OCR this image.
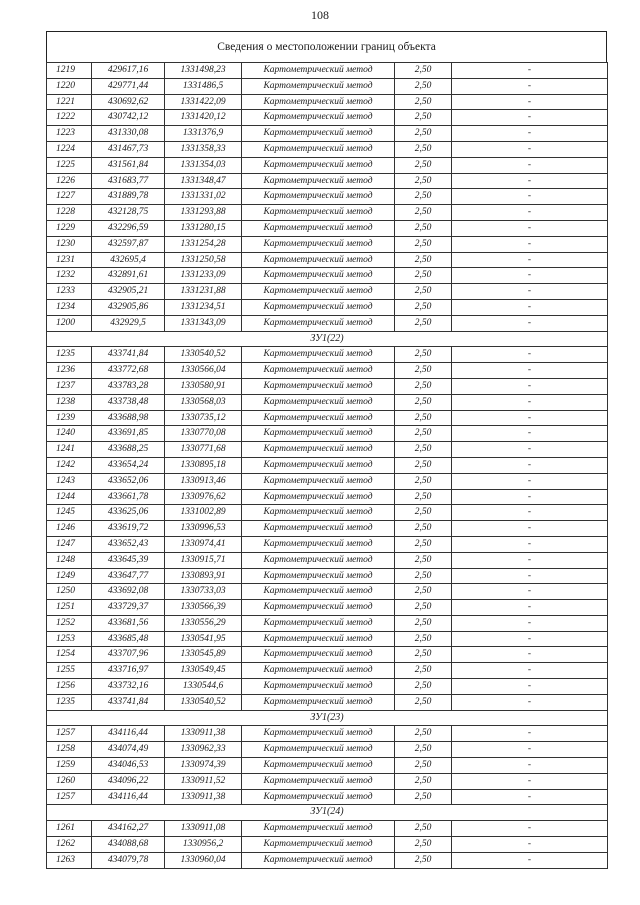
108
Сведения о местоположении границ объекта
1219	429617,16	1331498,23	Картометрический метод	2,50	-
1220	429771,44	1331486,5	Картометрический метод	2,50	-
1221	430692,62	1331422,09	Картометрический метод	2,50	-
1222	430742,12	1331420,12	Картометрический метод	2,50	-
1223	431330,08	1331376,9	Картометрический метод	2,50	-
1224	431467,73	1331358,33	Картометрический метод	2,50	-
1225	431561,84	1331354,03	Картометрический метод	2,50	-
1226	431683,77	1331348,47	Картометрический метод	2,50	-
1227	431889,78	1331331,02	Картометрический метод	2,50	-
1228	432128,75	1331293,88	Картометрический метод	2,50	-
1229	432296,59	1331280,15	Картометрический метод	2,50	-
1230	432597,87	1331254,28	Картометрический метод	2,50	-
1231	432695,4	1331250,58	Картометрический метод	2,50	-
1232	432891,61	1331233,09	Картометрический метод	2,50	-
1233	432905,21	1331231,88	Картометрический метод	2,50	-
1234	432905,86	1331234,51	Картометрический метод	2,50	-
1200	432929,5	1331343,09	Картометрический метод	2,50	-
ЗУ1(22)					
1235	433741,84	1330540,52	Картометрический метод	2,50	-
1236	433772,68	1330566,04	Картометрический метод	2,50	-
1237	433783,28	1330580,91	Картометрический метод	2,50	-
1238	433738,48	1330568,03	Картометрический метод	2,50	-
1239	433688,98	1330735,12	Картометрический метод	2,50	-
1240	433691,85	1330770,08	Картометрический метод	2,50	-
1241	433688,25	1330771,68	Картометрический метод	2,50	-
1242	433654,24	1330895,18	Картометрический метод	2,50	-
1243	433652,06	1330913,46	Картометрический метод	2,50	-
1244	433661,78	1330976,62	Картометрический метод	2,50	-
1245	433625,06	1331002,89	Картометрический метод	2,50	-
1246	433619,72	1330996,53	Картометрический метод	2,50	-
1247	433652,43	1330974,41	Картометрический метод	2,50	-
1248	433645,39	1330915,71	Картометрический метод	2,50	-
1249	433647,77	1330893,91	Картометрический метод	2,50	-
1250	433692,08	1330733,03	Картометрический метод	2,50	-
1251	433729,37	1330566,39	Картометрический метод	2,50	-
1252	433681,56	1330556,29	Картометрический метод	2,50	-
1253	433685,48	1330541,95	Картометрический метод	2,50	-
1254	433707,96	1330545,89	Картометрический метод	2,50	-
1255	433716,97	1330549,45	Картометрический метод	2,50	-
1256	433732,16	1330544,6	Картометрический метод	2,50	-
1235	433741,84	1330540,52	Картометрический метод	2,50	-
ЗУ1(23)					
1257	434116,44	1330911,38	Картометрический метод	2,50	-
1258	434074,49	1330962,33	Картометрический метод	2,50	-
1259	434046,53	1330974,39	Картометрический метод	2,50	-
1260	434096,22	1330911,52	Картометрический метод	2,50	-
1257	434116,44	1330911,38	Картометрический метод	2,50	-
ЗУ1(24)					
1261	434162,27	1330911,08	Картометрический метод	2,50	-
1262	434088,68	1330956,2	Картометрический метод	2,50	-
1263	434079,78	1330960,04	Картометрический метод	2,50	-
